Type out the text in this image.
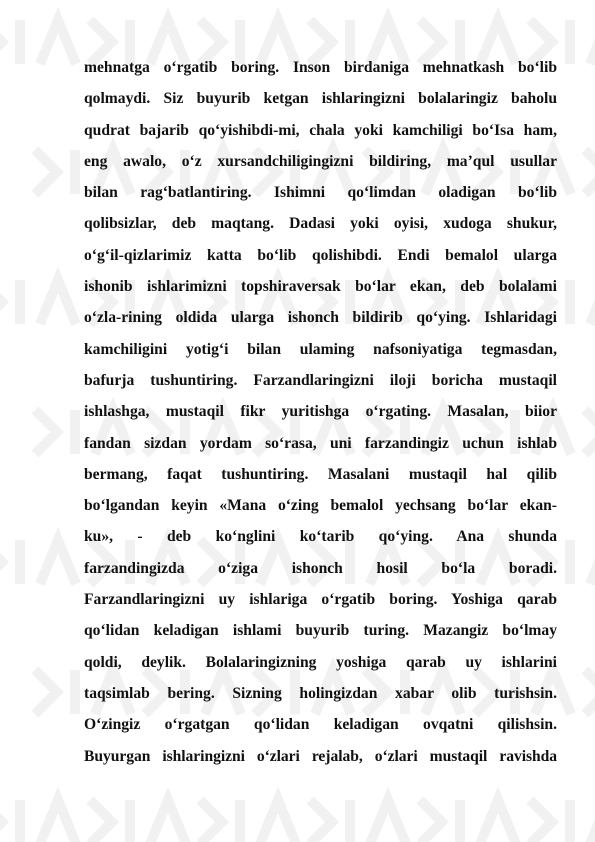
mehnatga o‘rgatib boring. Inson birdaniga mehnatkash bo‘lib
qolmaydi. Siz buyurib ketgan ishlaringizni bolalaringiz baholu
qudrat bajarib qo‘yishibdi-mi, chala yoki kamchiligi bo‘Isa ham,
eng awalo, o‘z xursandchiligingizni bildiring, ma’qul usullar
bilan rag‘batlantiring. Ishimni qo‘limdan oladigan bo‘lib
qolibsizlar, deb maqtang. Dadasi yoki oyisi, xudoga shukur,
o‘g‘il-qizlarimiz katta bo‘lib qolishibdi. Endi bemalol ularga
ishonib ishlarimizni topshiraversak bo‘lar ekan, deb bolalami
o‘zla-rining oldida ularga ishonch bildirib qo‘ying. Ishlaridagi
kamchiligini yotig‘i bilan ulaming nafsoniyatiga tegmasdan,
bafurja tushuntiring. Farzandlaringizni iloji boricha mustaqil
ishlashga, mustaqil fikr yuritishga o‘rgating. Masalan, biior
fandan sizdan yordam so‘rasa, uni farzandingiz uchun ishlab
bermang, faqat tushuntiring. Masalani mustaqil hal qilib
bo‘lgandan keyin «Mana o‘zing bemalol yechsang bo‘lar ekan-
ku», - deb ko‘nglini ko‘tarib qo‘ying. Ana shunda
farzandingizda o‘ziga ishonch hosil bo‘la boradi.
Farzandlaringizni uy ishlariga o‘rgatib boring. Yoshiga qarab
qo‘lidan keladigan ishlami buyurib turing. Mazangiz bo‘lmay
qoldi, deylik. Bolalaringizning yoshiga qarab uy ishlarini
taqsimlab bering. Sizning holingizdan xabar olib turishsin.
O‘zingiz o‘rgatgan qo‘lidan keladigan ovqatni qilishsin.
Buyurgan ishlaringizni o‘zlari rejalab, o‘zlari mustaqil ravishda
